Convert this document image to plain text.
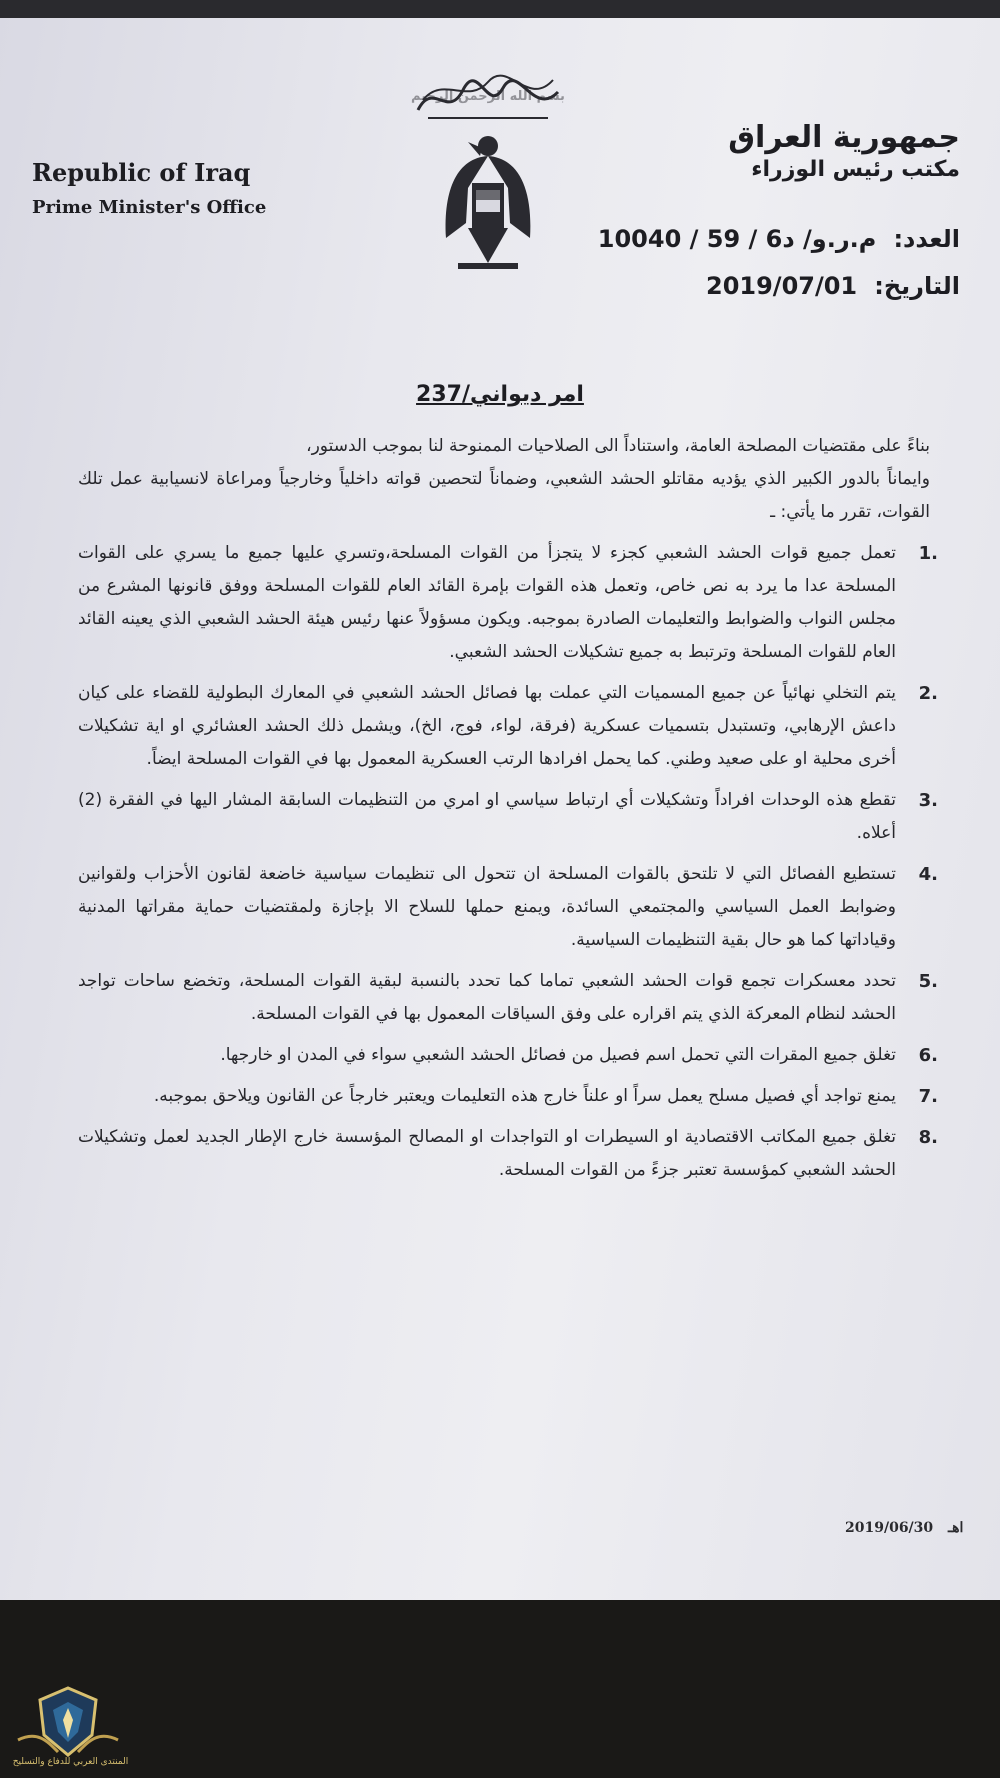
بسم الله الرحمن الرحيم
Republic of Iraq
Prime Minister's Office
جمهورية العراق
مكتب رئيس الوزراء
العدد: م.ر.و/ د6 / 59 / 10040
التاريخ: 2019/07/01
امر ديواني/237

بناءً على مقتضيات المصلحة العامة، واستناداً الى الصلاحيات الممنوحة لنا بموجب الدستور،

وايماناً بالدور الكبير الذي يؤديه مقاتلو الحشد الشعبي، وضماناً لتحصين قواته داخلياً وخارجياً ومراعاة لانسيابية عمل تلك القوات، تقرر ما يأتي: ـ

1.
تعمل جميع قوات الحشد الشعبي كجزء لا يتجزأ من القوات المسلحة،وتسري عليها جميع ما يسري على القوات المسلحة عدا ما يرد به نص خاص، وتعمل هذه القوات بإمرة القائد العام للقوات المسلحة ووفق قانونها المشرع من مجلس النواب والضوابط والتعليمات الصادرة بموجبه. ويكون مسؤولاً عنها رئيس هيئة الحشد الشعبي الذي يعينه القائد العام للقوات المسلحة وترتبط به جميع تشكيلات الحشد الشعبي.
2.
يتم التخلي نهائياً عن جميع المسميات التي عملت بها فصائل الحشد الشعبي في المعارك البطولية للقضاء على كيان داعش الإرهابي، وتستبدل بتسميات عسكرية (فرقة، لواء، فوج، الخ)، ويشمل ذلك الحشد العشائري او اية تشكيلات أخرى محلية او على صعيد وطني. كما يحمل افرادها الرتب العسكرية المعمول بها في القوات المسلحة ايضاً.
3.
تقطع هذه الوحدات افراداً وتشكيلات أي ارتباط سياسي او امري من التنظيمات السابقة المشار اليها في الفقرة (2) أعلاه.
4.
تستطيع الفصائل التي لا تلتحق بالقوات المسلحة ان تتحول الى تنظيمات سياسية خاضعة لقانون الأحزاب ولقوانين وضوابط العمل السياسي والمجتمعي السائدة، ويمنع حملها للسلاح الا بإجازة ولمقتضيات حماية مقراتها المدنية وقياداتها كما هو حال بقية التنظيمات السياسية.
5.
تحدد معسكرات تجمع قوات الحشد الشعبي تماما كما تحدد بالنسبة لبقية القوات المسلحة، وتخضع ساحات تواجد الحشد لنظام المعركة الذي يتم اقراره على وفق السياقات المعمول بها في القوات المسلحة.
6.
تغلق جميع المقرات التي تحمل اسم فصيل من فصائل الحشد الشعبي سواء في المدن او خارجها.
7.
يمنع تواجد أي فصيل مسلح يعمل سراً او علناً خارج هذه التعليمات ويعتبر خارجاً عن القانون ويلاحق بموجبه.
8.
تغلق جميع المكاتب الاقتصادية او السيطرات او التواجدات او المصالح المؤسسة خارج الإطار الجديد لعمل وتشكيلات الحشد الشعبي كمؤسسة تعتبر جزءً من القوات المسلحة.
اهـ 2019/06/30
المنتدى العربي للدفاع والتسليح
